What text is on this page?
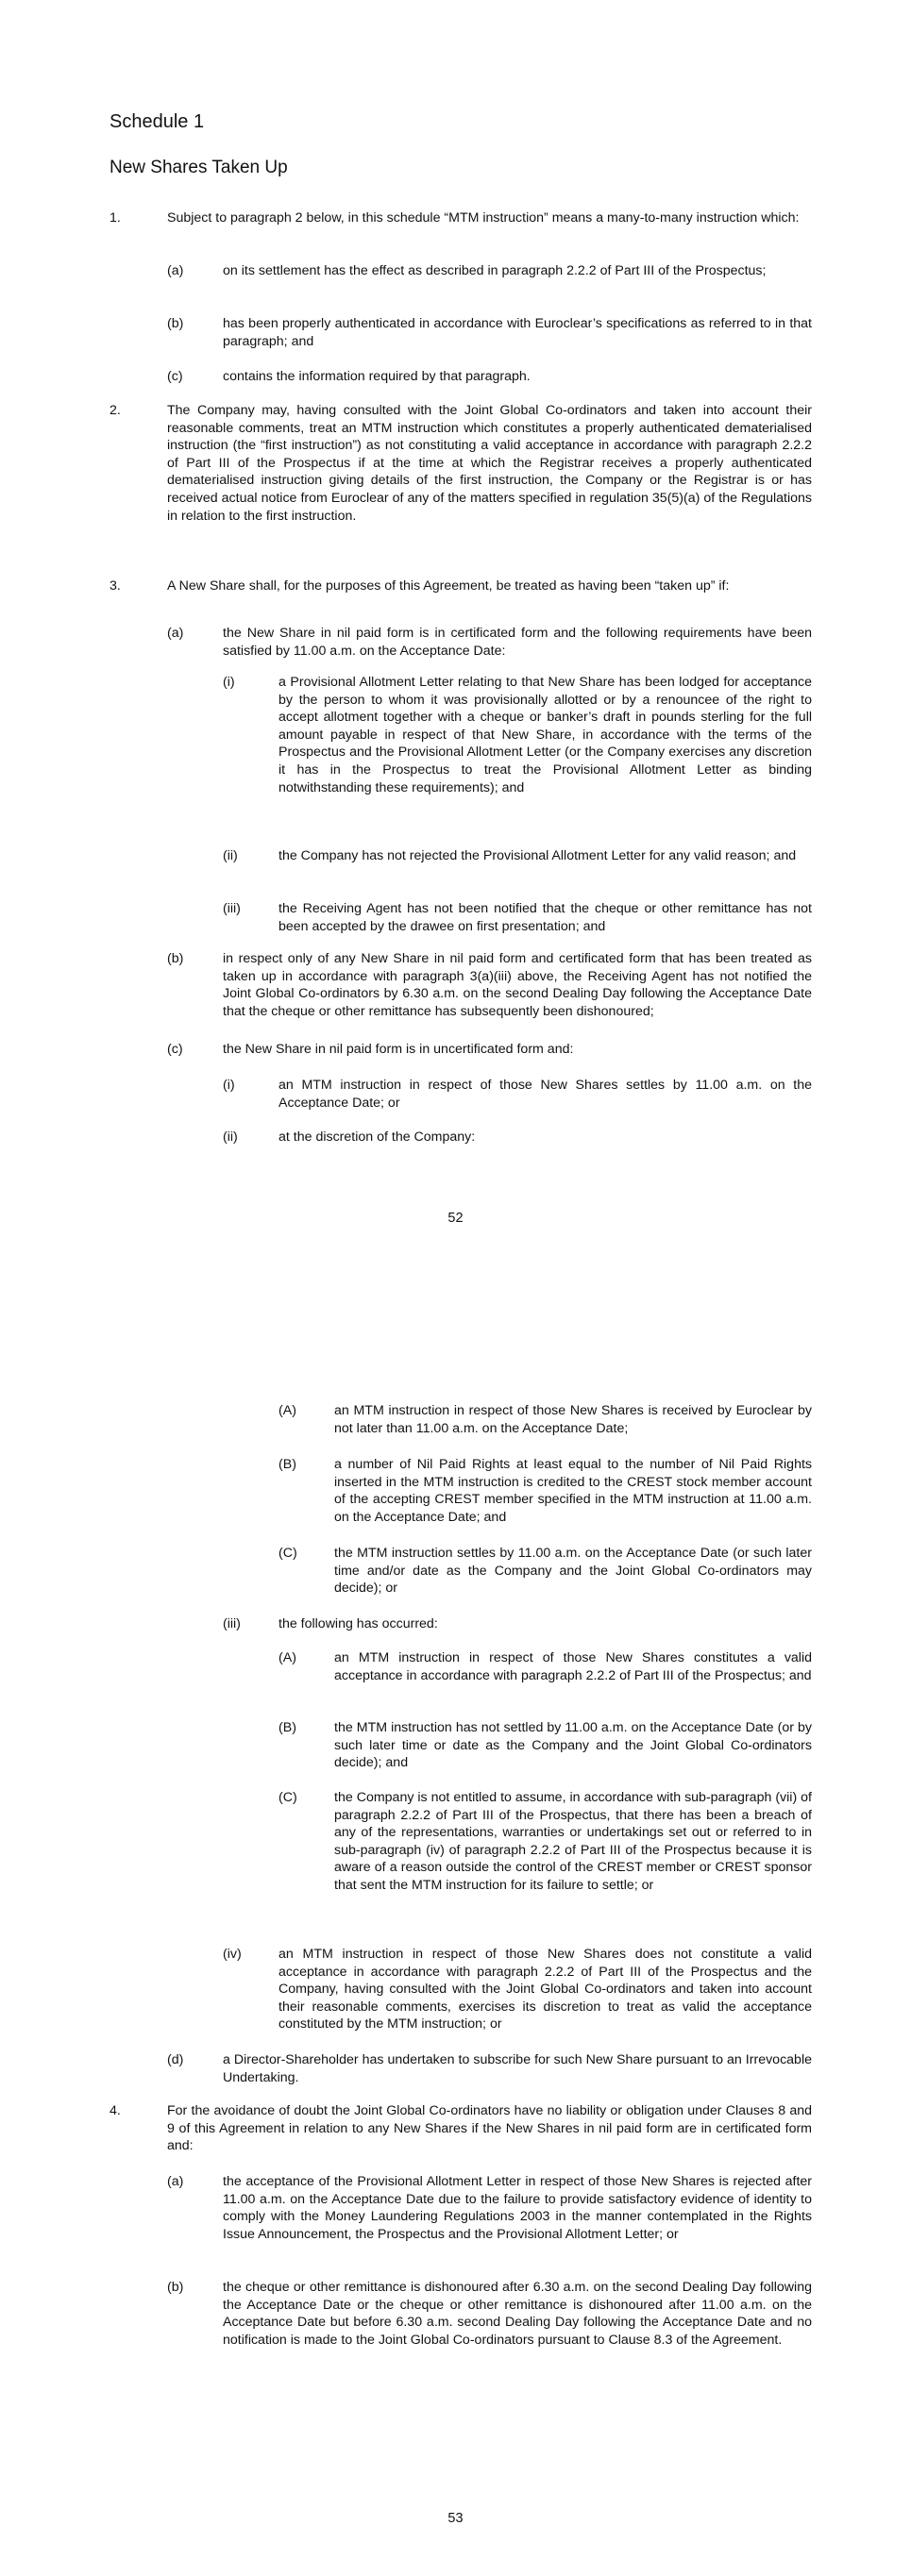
Schedule 1
New Shares Taken Up
1.	Subject to paragraph 2 below, in this schedule “MTM instruction” means a many-to-many instruction which:

(a)	on its settlement has the effect as described in paragraph 2.2.2 of Part III of the Prospectus;

(b)	has been properly authenticated in accordance with Euroclear’s specifications as referred to in that paragraph; and

(c)	contains the information required by that paragraph.

2.	The Company may, having consulted with the Joint Global Co-ordinators and taken into account their reasonable comments, treat an MTM instruction which constitutes a properly authenticated dematerialised instruction (the “first instruction”) as not constituting a valid acceptance in accordance with paragraph 2.2.2 of Part III of the Prospectus if at the time at which the Registrar receives a properly authenticated dematerialised instruction giving details of the first instruction, the Company or the Registrar is or has received actual notice from Euroclear of any of the matters specified in regulation 35(5)(a) of the Regulations in relation to the first instruction.

3.	A New Share shall, for the purposes of this Agreement, be treated as having been “taken up” if:

(a)	the New Share in nil paid form is in certificated form and the following requirements have been satisfied by 11.00 a.m. on the Acceptance Date:

(i)	a Provisional Allotment Letter relating to that New Share has been lodged for acceptance by the person to whom it was provisionally allotted or by a renouncee of the right to accept allotment together with a cheque or banker’s draft in pounds sterling for the full amount payable in respect of that New Share, in accordance with the terms of the Prospectus and the Provisional Allotment Letter (or the Company exercises any discretion it has in the Prospectus to treat the Provisional Allotment Letter as binding notwithstanding these requirements); and

(ii)	the Company has not rejected the Provisional Allotment Letter for any valid reason; and

(iii)	the Receiving Agent has not been notified that the cheque or other remittance has not been accepted by the drawee on first presentation; and

(b)	in respect only of any New Share in nil paid form and certificated form that has been treated as taken up in accordance with paragraph 3(a)(iii) above, the Receiving Agent has not notified the Joint Global Co-ordinators by 6.30 a.m. on the second Dealing Day following the Acceptance Date that the cheque or other remittance has subsequently been dishonoured;

(c)	the New Share in nil paid form is in uncertificated form and:

(i)	an MTM instruction in respect of those New Shares settles by 11.00 a.m. on the Acceptance Date; or

(ii)	at the discretion of the Company:

52
(A)	an MTM instruction in respect of those New Shares is received by Euroclear by not later than 11.00 a.m. on the Acceptance Date;

(B)	a number of Nil Paid Rights at least equal to the number of Nil Paid Rights inserted in the MTM instruction is credited to the CREST stock member account of the accepting CREST member specified in the MTM instruction at 11.00 a.m. on the Acceptance Date; and

(C)	the MTM instruction settles by 11.00 a.m. on the Acceptance Date (or such later time and/or date as the Company and the Joint Global Co-ordinators may decide); or

(iii)	the following has occurred:

(A)	an MTM instruction in respect of those New Shares constitutes a valid acceptance in accordance with paragraph 2.2.2 of Part III of the Prospectus; and

(B)	the MTM instruction has not settled by 11.00 a.m. on the Acceptance Date (or by such later time or date as the Company and the Joint Global Co-ordinators decide); and

(C)	the Company is not entitled to assume, in accordance with sub-paragraph (vii) of paragraph 2.2.2 of Part III of the Prospectus, that there has been a breach of any of the representations, warranties or undertakings set out or referred to in sub-paragraph (iv) of paragraph 2.2.2 of Part III of the Prospectus because it is aware of a reason outside the control of the CREST member or CREST sponsor that sent the MTM instruction for its failure to settle; or

(iv)	an MTM instruction in respect of those New Shares does not constitute a valid acceptance in accordance with paragraph 2.2.2 of Part III of the Prospectus and the Company, having consulted with the Joint Global Co-ordinators and taken into account their reasonable comments, exercises its discretion to treat as valid the acceptance constituted by the MTM instruction; or

(d)	a Director-Shareholder has undertaken to subscribe for such New Share pursuant to an Irrevocable Undertaking.

4.	For the avoidance of doubt the Joint Global Co-ordinators have no liability or obligation under Clauses 8 and 9 of this Agreement in relation to any New Shares if the New Shares in nil paid form are in certificated form and:

(a)	the acceptance of the Provisional Allotment Letter in respect of those New Shares is rejected after 11.00 a.m. on the Acceptance Date due to the failure to provide satisfactory evidence of identity to comply with the Money Laundering Regulations 2003 in the manner contemplated in the Rights Issue Announcement, the Prospectus and the Provisional Allotment Letter; or

(b)	the cheque or other remittance is dishonoured after 6.30 a.m. on the second Dealing Day following the Acceptance Date or the cheque or other remittance is dishonoured after 11.00 a.m. on the Acceptance Date but before 6.30 a.m. second Dealing Day following the Acceptance Date and no notification is made to the Joint Global Co-ordinators pursuant to Clause 8.3 of the Agreement.

53
